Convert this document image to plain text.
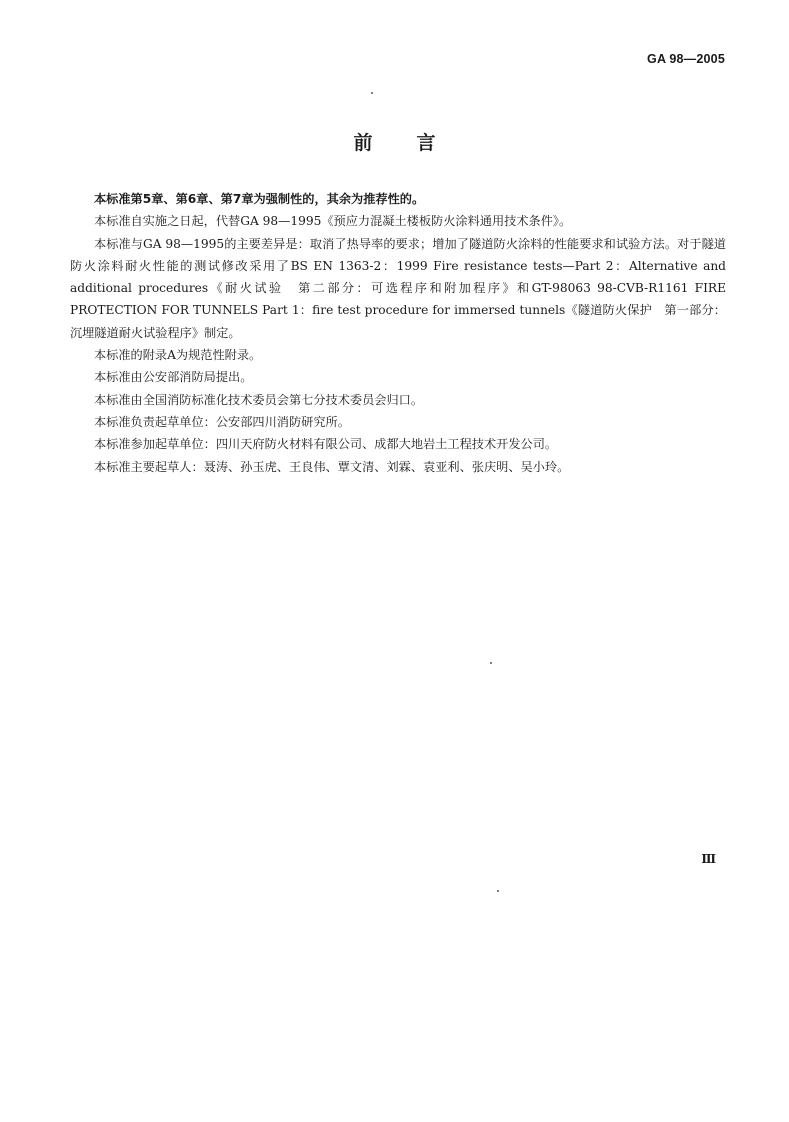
GA 98—2005
前言

本标准第5章、第6章、第7章为强制性的，其余为推荐性的。

本标准自实施之日起，代替GA 98—1995《预应力混凝土楼板防火涂料通用技术条件》。

本标准与GA 98—1995的主要差异是：取消了热导率的要求；增加了隧道防火涂料的性能要求和试验方法。对于隧道防火涂料耐火性能的测试修改采用了BS EN 1363-2：1999 Fire resistance tests—Part 2：Alternative and additional procedures《耐火试验　第二部分：可选程序和附加程序》和GT-98063 98-CVB-R1161 FIRE PROTECTION FOR TUNNELS Part 1：fire test procedure for immersed tunnels《隧道防火保护　第一部分：沉埋隧道耐火试验程序》制定。

本标准的附录A为规范性附录。

本标准由公安部消防局提出。

本标准由全国消防标准化技术委员会第七分技术委员会归口。

本标准负责起草单位：公安部四川消防研究所。

本标准参加起草单位：四川天府防火材料有限公司、成都大地岩土工程技术开发公司。

本标准主要起草人：聂涛、孙玉虎、王良伟、覃文清、刘霖、袁亚利、张庆明、吴小玲。

Ⅲ
